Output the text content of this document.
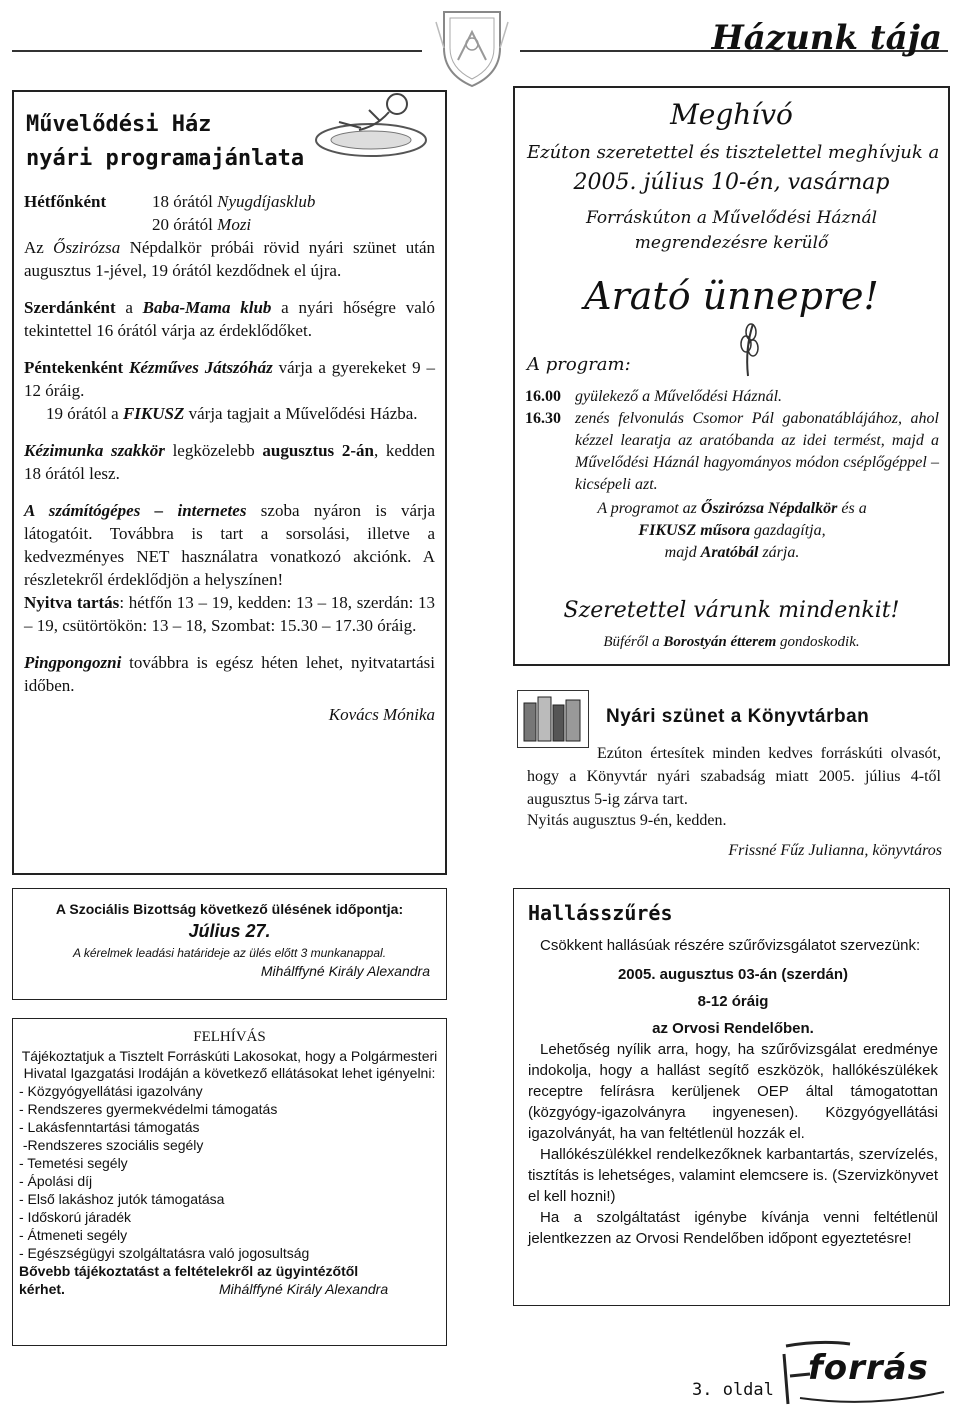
Házunk tája
Művelődési Ház
nyári programajánlata
Hétfőnként	18 órától Nyugdíjasklub
20 órától Mozi

Az Őszirózsa Népdalkör próbái rövid nyári szünet után augusztus 1-jével, 19 órától kezdődnek el újra.

Szerdánként a Baba-Mama klub a nyári hőségre való tekintettel 16 órától várja az érdeklődőket.

Péntekenként Kézműves Játszóház várja a gyerekeket 9 – 12 óráig.

19 órától a FIKUSZ várja tagjait a Művelődési Házba.

Kézimunka szakkör legközelebb augusztus 2-án, kedden 18 órától lesz.

A számítógépes – internetes szoba nyáron is várja látogatóit. Továbbra is tart a sorsolási, illetve a kedvezményes NET használatra vonatkozó akciónk. A részletekről érdeklődjön a helyszínen!

Nyitva tartás: hétfőn 13 – 19, kedden: 13 – 18, szerdán: 13 – 19, csütörtökön: 13 – 18, Szombat: 15.30 – 17.30 óráig.

Pingpongozni továbbra is egész héten lehet, nyitvatartási időben.

Kovács Mónika

A Szociális Bizottság következő ülésének időpontja:
Július 27.
A kérelmek leadási határideje az ülés előtt 3 munkanappal.
Mihálffyné Király Alexandra
FELHÍVÁS
Tájékoztatjuk a Tisztelt Forráskúti Lakosokat, hogy a Polgármesteri Hivatal Igazgatási Irodáján a következő ellátásokat lehet igényelni:
- Közgyógyellátási igazolvány
- Rendszeres gyermekvédelmi támogatás
- Lakásfenntartási támogatás
-Rendszeres szociális segély
- Temetési segély
- Ápolási díj
- Első lakáshoz jutók támogatása
- Időskorú járadék
- Átmeneti segély
- Egészségügyi szolgáltatásra való jogosultság
Bővebb tájékoztatást a feltételekről az ügyintézőtől
kérhet.	Mihálffyné Király Alexandra
Meghívó
Ezúton szeretettel és tisztelettel meghívjuk a
2005. július 10-én, vasárnap
Forráskúton a Művelődési Háznál megrendezésre kerülő
Arató ünnepre!
A program:
16.00 gyülekező a Művelődési Háznál.
16.30 zenés felvonulás Csomor Pál gabonatáblájához, ahol kézzel learatja az aratóbanda az idei termést, majd a Művelődési Háznál hagyományos módon cséplőgéppel – kicsépeli azt.
A programot az Őszirózsa Népdalkör és a
FIKUSZ műsora gazdagítja,
majd Aratóbál zárja.
Szeretettel várunk mindenkit!
Büféről a Borostyán étterem gondoskodik.
Nyári szünet a Könyvtárban
Ezúton értesítek minden kedves forráskúti olvasót, hogy a Könyvtár nyári szabadság miatt 2005. július 4-től augusztus 5-ig zárva tart.
Nyitás augusztus 9-én, kedden.
Frissné Fűz Julianna, könyvtáros
Hallásszűrés

Csökkent hallásúak részére szűrővizsgálatot szervezünk:

2005. augusztus 03-án (szerdán)

8-12 óráig

az Orvosi Rendelőben.

Lehetőség nyílik arra, hogy, ha szűrővizsgálat eredménye indokolja, hogy a hallást segítő eszközök, hallókészülékek receptre felírásra kerüljenek OEP által támogatottan (közgyógy-igazolványra ingyenesen). Közgyógyellátási igazolványát, ha van feltétlenül hozzák el.

Hallókészülékkel rendelkezőknek karbantartás, szervízelés, tisztítás is lehetséges, valamint elemcsere is. (Szervizkönyvet el kell hozni!)

Ha a szolgáltatást igénybe kívánja venni feltétlenül jelentkezzen az Orvosi Rendelőben időpont egyeztetésre!

3. oldal
forrás
